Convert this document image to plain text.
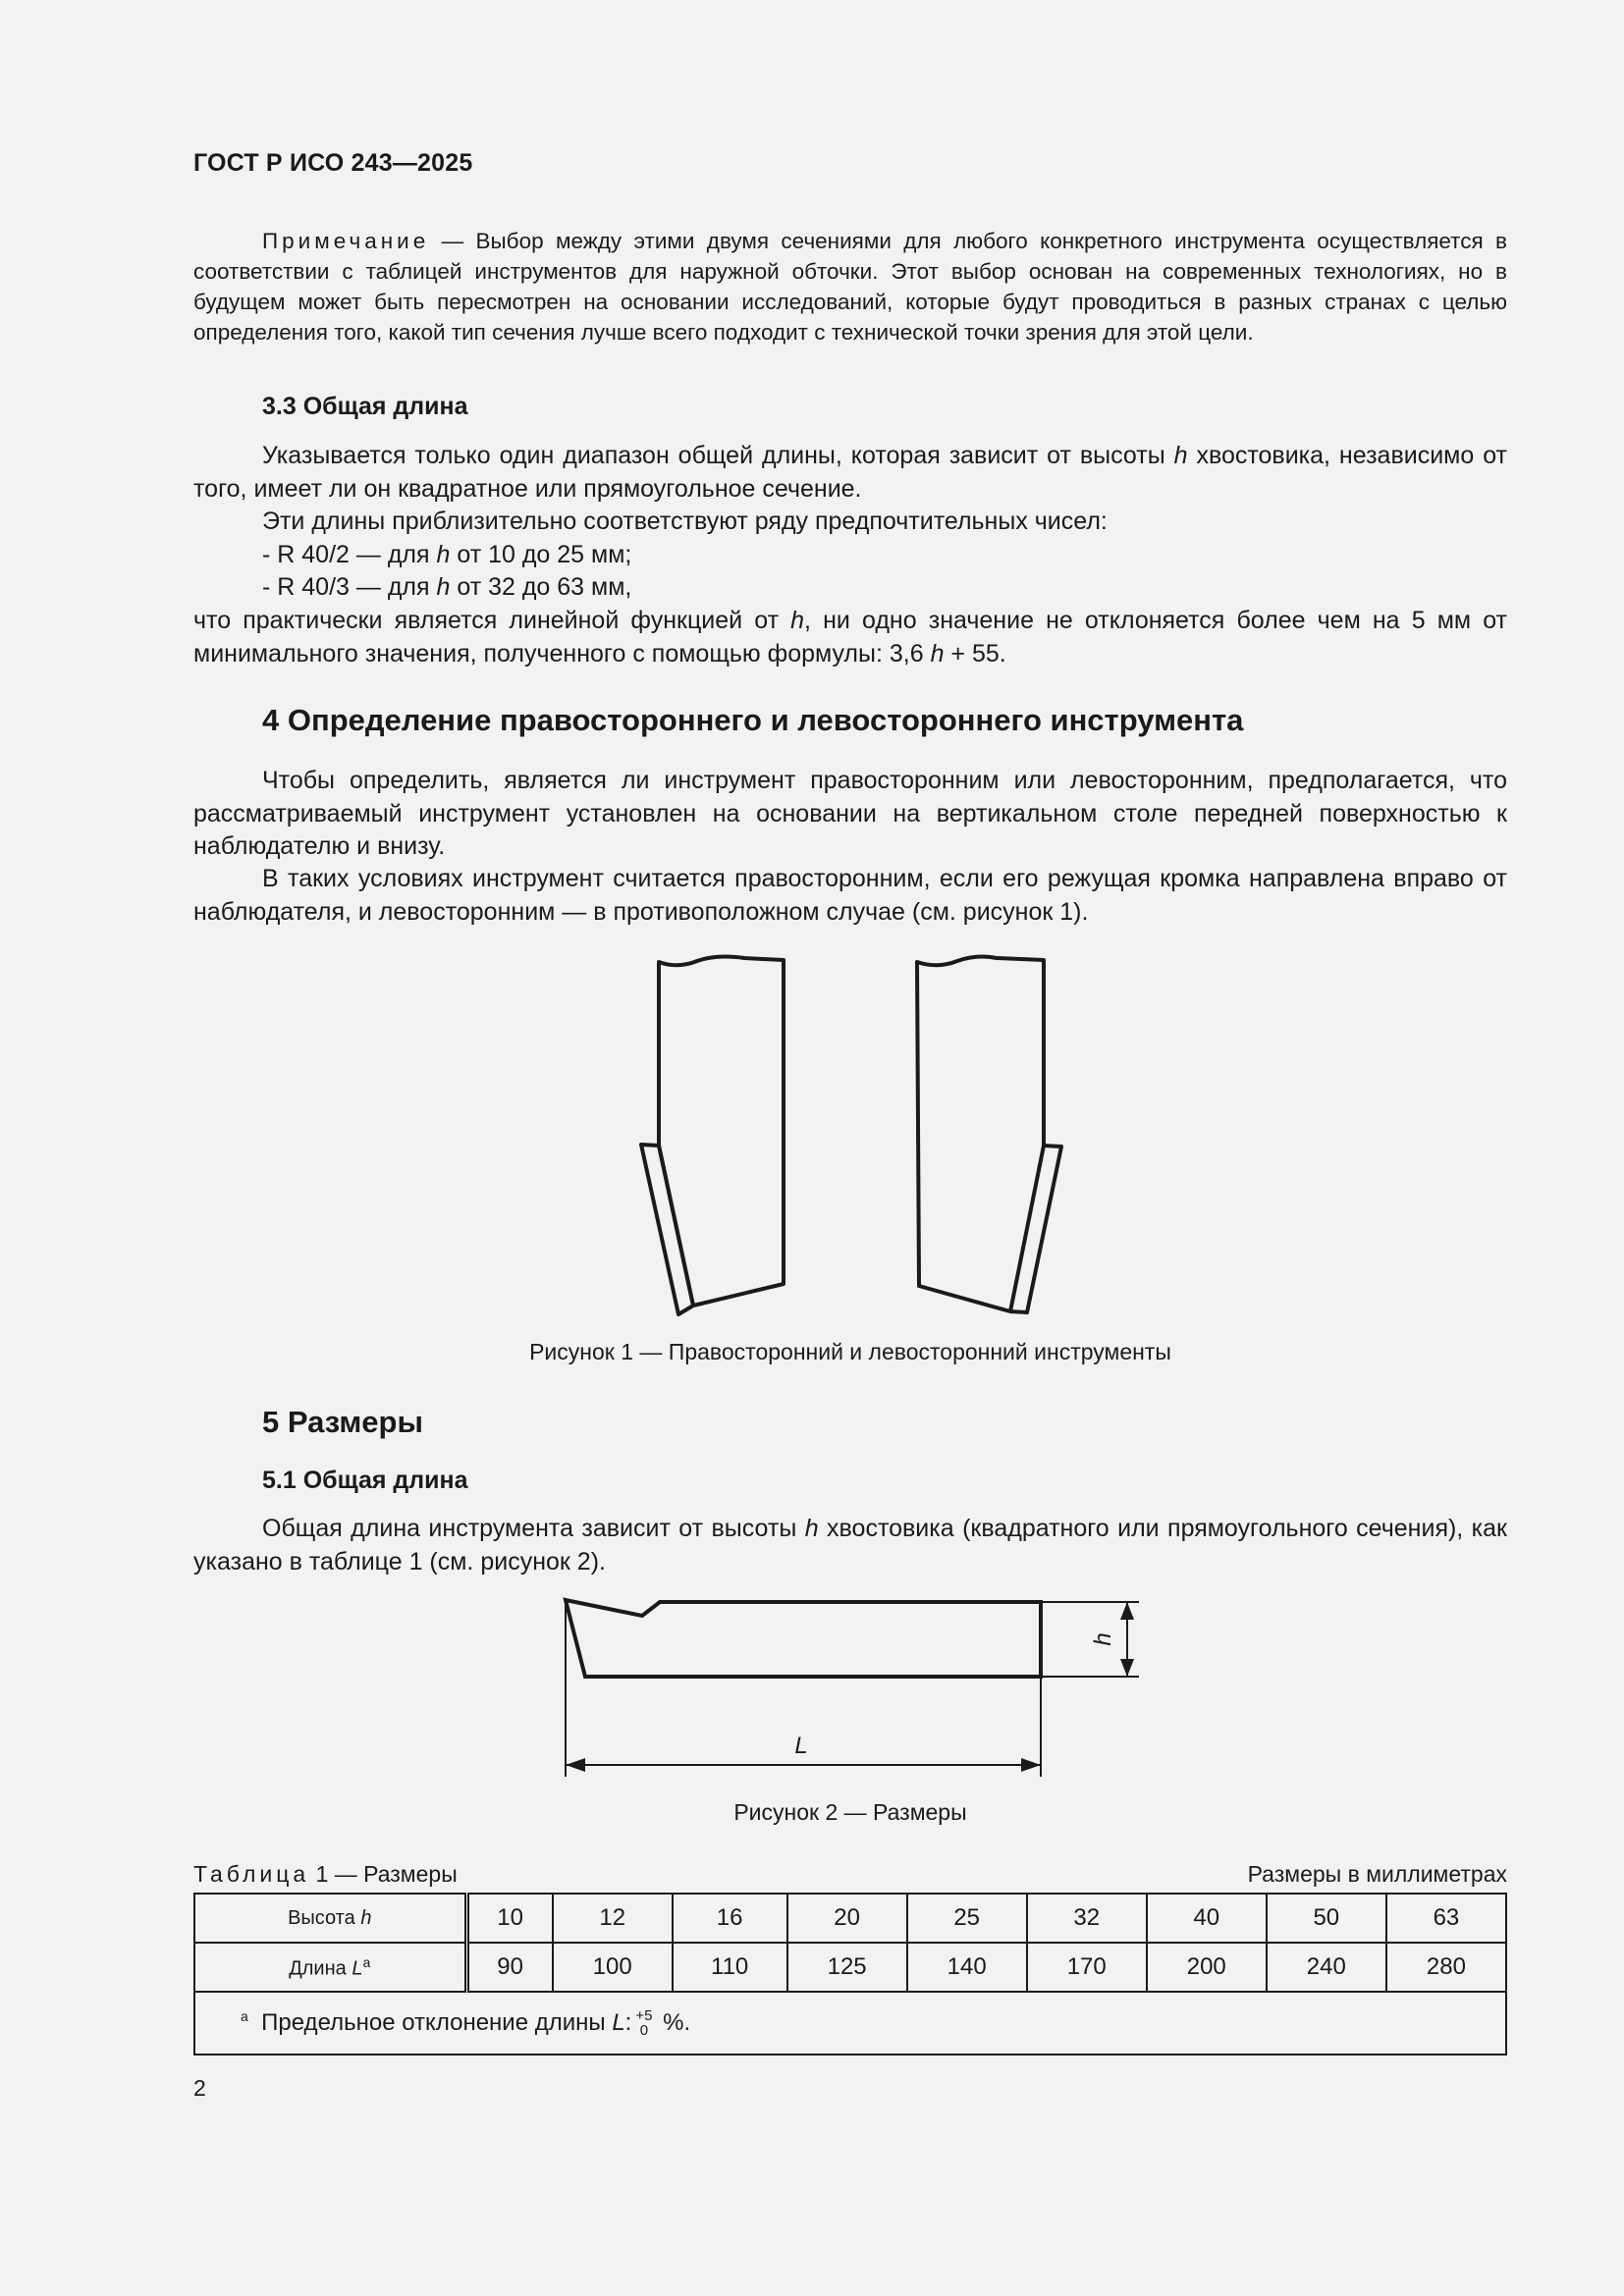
ГОСТ Р ИСО 243—2025
Примечание — Выбор между этими двумя сечениями для любого конкретного инструмента осуществляется в соответствии с таблицей инструментов для наружной обточки. Этот выбор основан на современных технологиях, но в будущем может быть пересмотрен на основании исследований, которые будут проводиться в разных странах с целью определения того, какой тип сечения лучше всего подходит с технической точки зрения для этой цели.
3.3 Общая длина
Указывается только один диапазон общей длины, которая зависит от высоты h хвостовика, независимо от того, имеет ли он квадратное или прямоугольное сечение.
Эти длины приблизительно соответствуют ряду предпочтительных чисел:
- R 40/2 — для h от 10 до 25 мм;
- R 40/3 — для h от 32 до 63 мм,
что практически является линейной функцией от h, ни одно значение не отклоняется более чем на 5 мм от минимального значения, полученного с помощью формулы: 3,6 h + 55.
4 Определение правостороннего и левостороннего инструмента
Чтобы определить, является ли инструмент правосторонним или левосторонним, предполагается, что рассматриваемый инструмент установлен на основании на вертикальном столе передней поверхностью к наблюдателю и внизу.
В таких условиях инструмент считается правосторонним, если его режущая кромка направлена вправо от наблюдателя, и левосторонним — в противоположном случае (см. рисунок 1).
Рисунок 1 — Правосторонний и левосторонний инструменты
5 Размеры
5.1 Общая длина
Общая длина инструмента зависит от высоты h хвостовика (квадратного или прямоугольного сечения), как указано в таблице 1 (см. рисунок 2).
h
L
Рисунок 2 — Размеры
Таблица 1 — Размеры	Размеры в миллиметрах
Высота h	10	12	16	20	25	32	40	50	63
Длина $L^a$	90	100	110	125	140	170	200	240	280
$^a$ Предельное отклонение длины L: +5
0 %.									
2
